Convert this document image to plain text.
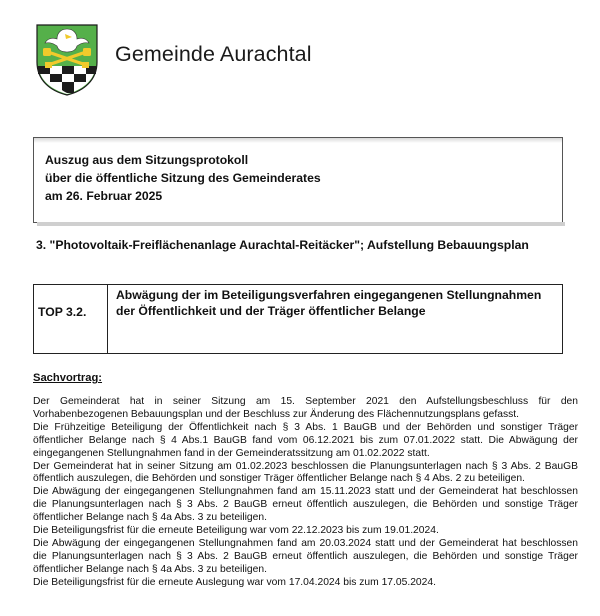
Gemeinde Aurachtal
Auszug aus dem Sitzungsprotokoll
über die öffentliche Sitzung des Gemeinderates
am 26. Februar 2025
3. "Photovoltaik-Freiflächenanlage Aurachtal-Reitäcker"; Aufstellung Bebauungsplan
TOP 3.2.
Abwägung der im Beteiligungsverfahren eingegangenen Stellungnahmen der Öffentlichkeit und der Träger öffentlicher Belange
Sachvortrag:

Der Gemeinderat hat in seiner Sitzung am 15. September 2021 den Aufstellungsbeschluss für den Vorhabenbezogenen Bebauungsplan und der Beschluss zur Änderung des Flächennutzungsplans gefasst.

Die Frühzeitige Beteiligung der Öffentlichkeit nach § 3 Abs. 1 BauGB und der Behörden und sonstiger Träger öffentlicher Belange nach § 4 Abs.1 BauGB fand vom 06.12.2021 bis zum 07.01.2022 statt. Die Abwägung der eingegangenen Stellungnahmen fand in der Gemeinderatssitzung am 01.02.2022 statt.

Der Gemeinderat hat in seiner Sitzung am 01.02.2023 beschlossen die Planungsunterlagen nach § 3 Abs. 2 BauGB öffentlich auszulegen, die Behörden und sonstiger Träger öffentlicher Belange nach § 4 Abs. 2 zu beteiligen.

Die Abwägung der eingegangenen Stellungnahmen fand am 15.11.2023 statt und der Gemeinderat hat beschlossen die Planungsunterlagen nach § 3 Abs. 2 BauGB erneut öffentlich auszulegen, die Behörden und sonstige Träger öffentlicher Belange nach § 4a Abs. 3 zu beteiligen.

Die Beteiligungsfrist für die erneute Beteiligung war vom 22.12.2023 bis zum 19.01.2024.

Die Abwägung der eingegangenen Stellungnahmen fand am 20.03.2024 statt und der Gemeinderat hat beschlossen die Planungsunterlagen nach § 3 Abs. 2 BauGB erneut öffentlich auszulegen, die Behörden und sonstige Träger öffentlicher Belange nach § 4a Abs. 3 zu beteiligen.

Die Beteiligungsfrist für die erneute Auslegung war vom 17.04.2024 bis zum 17.05.2024.
